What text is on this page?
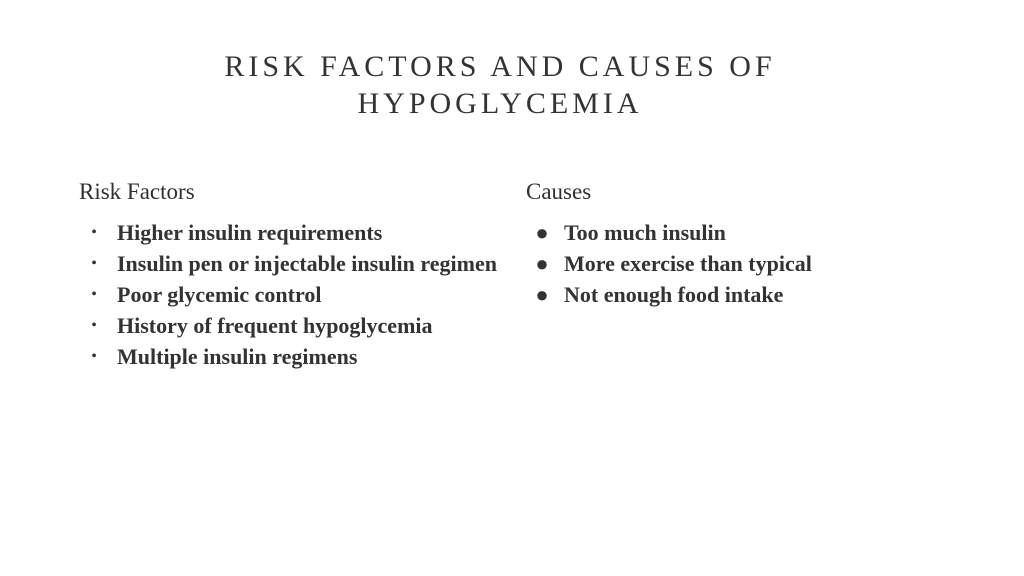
RISK FACTORS AND CAUSES OF HYPOGLYCEMIA
Risk Factors
• Higher insulin requirements
• Insulin pen or injectable insulin regimen
• Poor glycemic control
• History of frequent hypoglycemia
• Multiple insulin regimens
Causes
● Too much insulin
● More exercise than typical
● Not enough food intake
